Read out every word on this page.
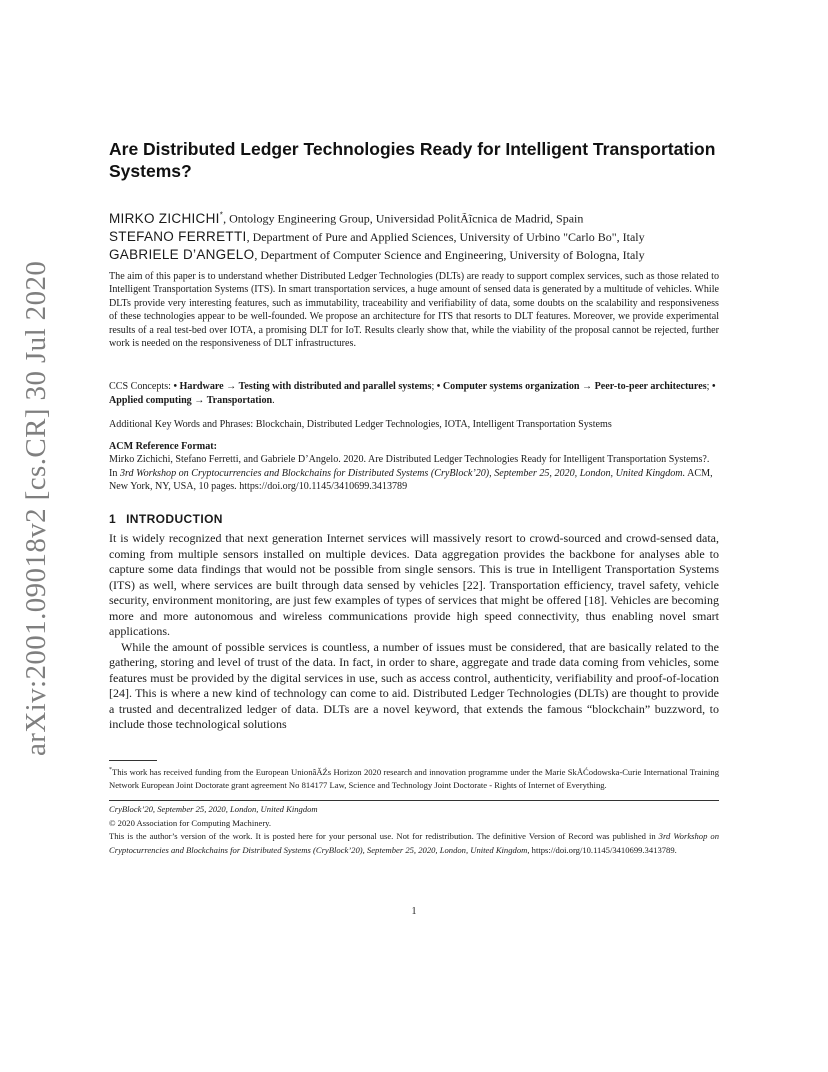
arXiv:2001.09018v2 [cs.CR] 30 Jul 2020
Are Distributed Ledger Technologies Ready for Intelligent Transportation Systems?
MIRKO ZICHICHI*, Ontology Engineering Group, Universidad PolitÃĩcnica de Madrid, Spain
STEFANO FERRETTI, Department of Pure and Applied Sciences, University of Urbino "Carlo Bo", Italy
GABRIELE D’ANGELO, Department of Computer Science and Engineering, University of Bologna, Italy

The aim of this paper is to understand whether Distributed Ledger Technologies (DLTs) are ready to support complex services, such as those related to Intelligent Transportation Systems (ITS). In smart transportation services, a huge amount of sensed data is generated by a multitude of vehicles. While DLTs provide very interesting features, such as immutability, traceability and verifiability of data, some doubts on the scalability and responsiveness of these technologies appear to be well-founded. We propose an architecture for ITS that resorts to DLT features. Moreover, we provide experimental results of a real test-bed over IOTA, a promising DLT for IoT. Results clearly show that, while the viability of the proposal cannot be rejected, further work is needed on the responsiveness of DLT infrastructures.

CCS Concepts: • Hardware → Testing with distributed and parallel systems; • Computer systems organization → Peer-to-peer architectures; • Applied computing → Transportation.

Additional Key Words and Phrases: Blockchain, Distributed Ledger Technologies, IOTA, Intelligent Transportation Systems

ACM Reference Format:
Mirko Zichichi, Stefano Ferretti, and Gabriele D’Angelo. 2020. Are Distributed Ledger Technologies Ready for Intelligent Transportation Systems?. In 3rd Workshop on Cryptocurrencies and Blockchains for Distributed Systems (CryBlock’20), September 25, 2020, London, United Kingdom. ACM, New York, NY, USA, 10 pages. https://doi.org/10.1145/3410699.3413789

1 INTRODUCTION

It is widely recognized that next generation Internet services will massively resort to crowd-sourced and crowd-sensed data, coming from multiple sensors installed on multiple devices. Data aggregation provides the backbone for analyses able to capture some data findings that would not be possible from single sensors. This is true in Intelligent Transportation Systems (ITS) as well, where services are built through data sensed by vehicles [22]. Transportation efficiency, travel safety, vehicle security, environment monitoring, are just few examples of types of services that might be offered [18]. Vehicles are becoming more and more autonomous and wireless communications provide high speed connectivity, thus enabling novel smart applications.

While the amount of possible services is countless, a number of issues must be considered, that are basically related to the gathering, storing and level of trust of the data. In fact, in order to share, aggregate and trade data coming from vehicles, some features must be provided by the digital services in use, such as access control, authenticity, verifiability and proof-of-location [24]. This is where a new kind of technology can come to aid. Distributed Ledger Technologies (DLTs) are thought to provide a trusted and decentralized ledger of data. DLTs are a novel keyword, that extends the famous “blockchain” buzzword, to include those technological solutions

*This work has received funding from the European UnionâĂŹs Horizon 2020 research and innovation programme under the Marie SkÅĆodowska-Curie International Training Network European Joint Doctorate grant agreement No 814177 Law, Science and Technology Joint Doctorate - Rights of Internet of Everything.

CryBlock’20, September 25, 2020, London, United Kingdom
© 2020 Association for Computing Machinery.
This is the author’s version of the work. It is posted here for your personal use. Not for redistribution. The definitive Version of Record was published in 3rd Workshop on Cryptocurrencies and Blockchains for Distributed Systems (CryBlock’20), September 25, 2020, London, United Kingdom, https://doi.org/10.1145/3410699.3413789.
1
